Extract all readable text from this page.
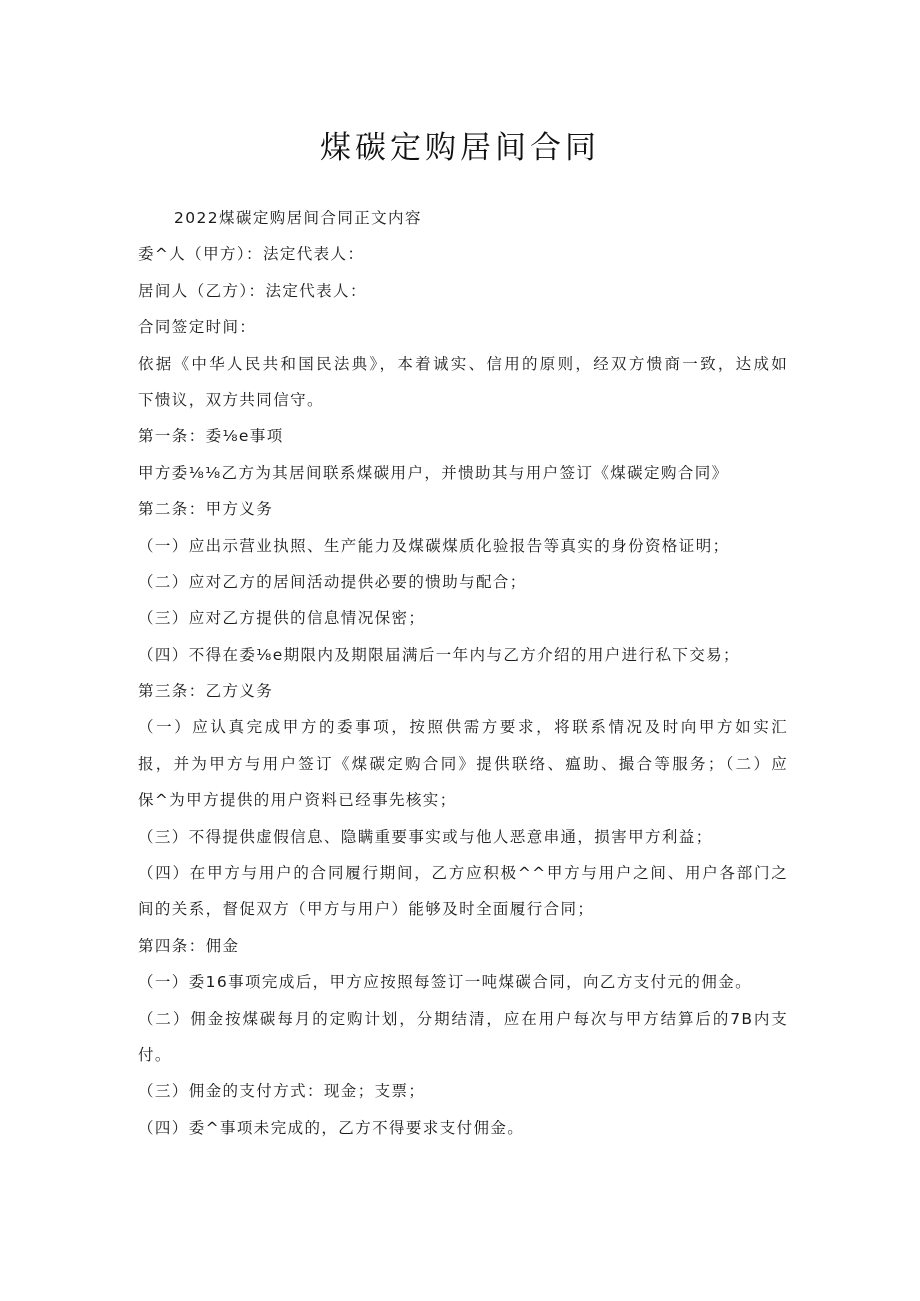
煤碳定购居间合同
2022煤碳定购居间合同正文内容
委^人（甲方）：法定代表人：
居间人（乙方）：法定代表人：
合同签定时间：
依据《中华人民共和国民法典》，本着诚实、信用的原则，经双方愦商一致，达成如
下愦议，双方共同信守。
第一条：委⅛e事项
甲方委⅛⅛乙方为其居间联系煤碳用户，并愦助其与用户签订《煤碳定购合同》
第二条：甲方义务
（一）应出示营业执照、生产能力及煤碳煤质化验报告等真实的身份资格证明；
（二）应对乙方的居间活动提供必要的愦助与配合；
（三）应对乙方提供的信息情况保密；
（四）不得在委⅛e期限内及期限届满后一年内与乙方介绍的用户进行私下交易；
第三条：乙方义务
（一）应认真完成甲方的委事项，按照供需方要求，将联系情况及时向甲方如实汇
报，并为甲方与用户签订《煤碳定购合同》提供联络、瘟助、撮合等服务；（二）应
保^为甲方提供的用户资料已经事先核实；
（三）不得提供虚假信息、隐瞒重要事实或与他人恶意串通，损害甲方利益；
（四）在甲方与用户的合同履行期间，乙方应积极^^甲方与用户之间、用户各部门之
间的关系，督促双方（甲方与用户）能够及时全面履行合同；
第四条：佣金
（一）委16事项完成后，甲方应按照每签订一吨煤碳合同，向乙方支付元的佣金。
（二）佣金按煤碳每月的定购计划，分期结清，应在用户每次与甲方结算后的7B内支
付。
（三）佣金的支付方式：现金；支票；
（四）委^事项未完成的，乙方不得要求支付佣金。
